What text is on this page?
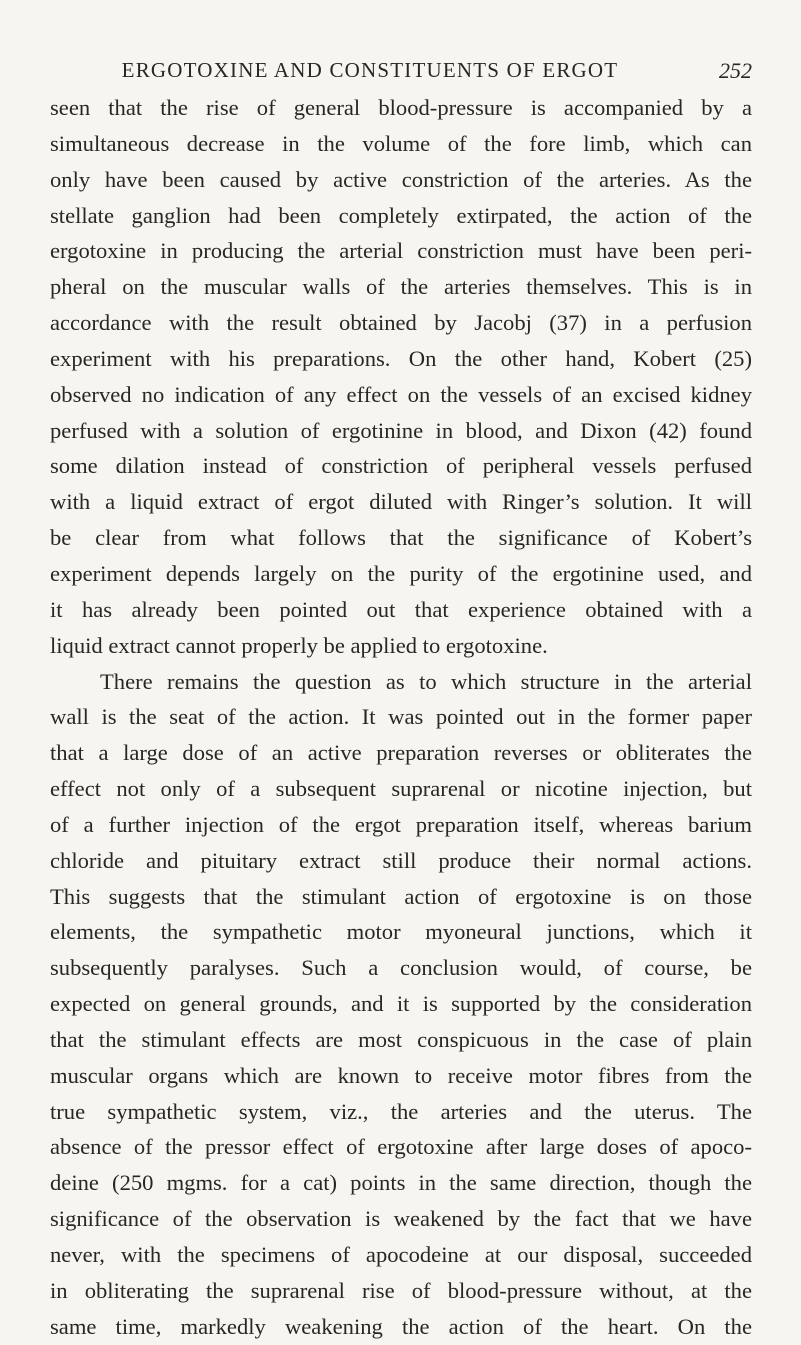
ERGOTOXINE AND CONSTITUENTS OF ERGOT	252
seen that the rise of general blood-pressure is accompanied by a
simultaneous decrease in the volume of the fore limb, which can
only have been caused by active constriction of the arteries. As the
stellate ganglion had been completely extirpated, the action of the
ergotoxine in producing the arterial constriction must have been peri-
pheral on the muscular walls of the arteries themselves. This is in
accordance with the result obtained by Jacobj (37) in a perfusion
experiment with his preparations. On the other hand, Kobert (25)
observed no indication of any effect on the vessels of an excised kidney
perfused with a solution of ergotinine in blood, and Dixon (42) found
some dilation instead of constriction of peripheral vessels perfused
with a liquid extract of ergot diluted with Ringer’s solution. It will
be clear from what follows that the significance of Kobert’s
experiment depends largely on the purity of the ergotinine used, and
it has already been pointed out that experience obtained with a
liquid extract cannot properly be applied to ergotoxine.
There remains the question as to which structure in the arterial
wall is the seat of the action. It was pointed out in the former paper
that a large dose of an active preparation reverses or obliterates the
effect not only of a subsequent suprarenal or nicotine injection, but
of a further injection of the ergot preparation itself, whereas barium
chloride and pituitary extract still produce their normal actions.
This suggests that the stimulant action of ergotoxine is on those
elements, the sympathetic motor myoneural junctions, which it
subsequently paralyses. Such a conclusion would, of course, be
expected on general grounds, and it is supported by the consideration
that the stimulant effects are most conspicuous in the case of plain
muscular organs which are known to receive motor fibres from the
true sympathetic system, viz., the arteries and the uterus. The
absence of the pressor effect of ergotoxine after large doses of apoco-
deine (250 mgms. for a cat) points in the same direction, though the
significance of the observation is weakened by the fact that we have
never, with the specimens of apocodeine at our disposal, succeeded
in obliterating the suprarenal rise of blood-pressure without, at the
same time, markedly weakening the action of the heart. On the
